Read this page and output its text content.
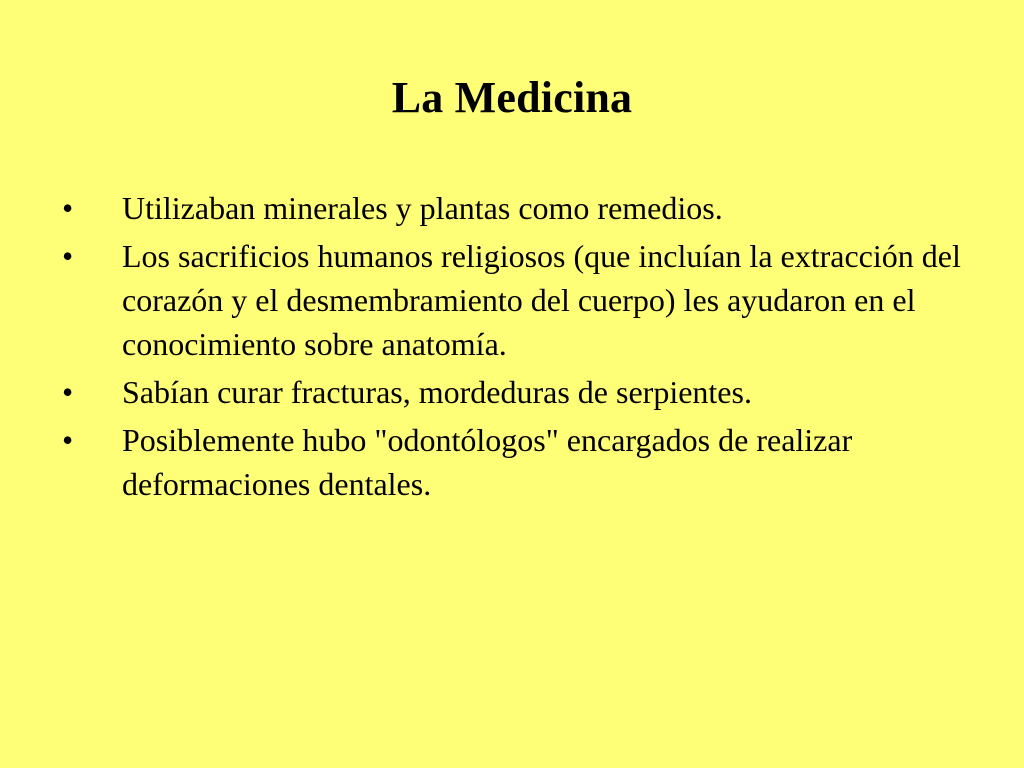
La Medicina
• Utilizaban minerales y plantas como remedios.
• Los sacrificios humanos religiosos (que incluían la extracción del corazón y el desmembramiento del cuerpo) les ayudaron en el conocimiento sobre anatomía.
• Sabían curar fracturas, mordeduras de serpientes.
• Posiblemente hubo "odontólogos" encargados de realizar deformaciones dentales.
